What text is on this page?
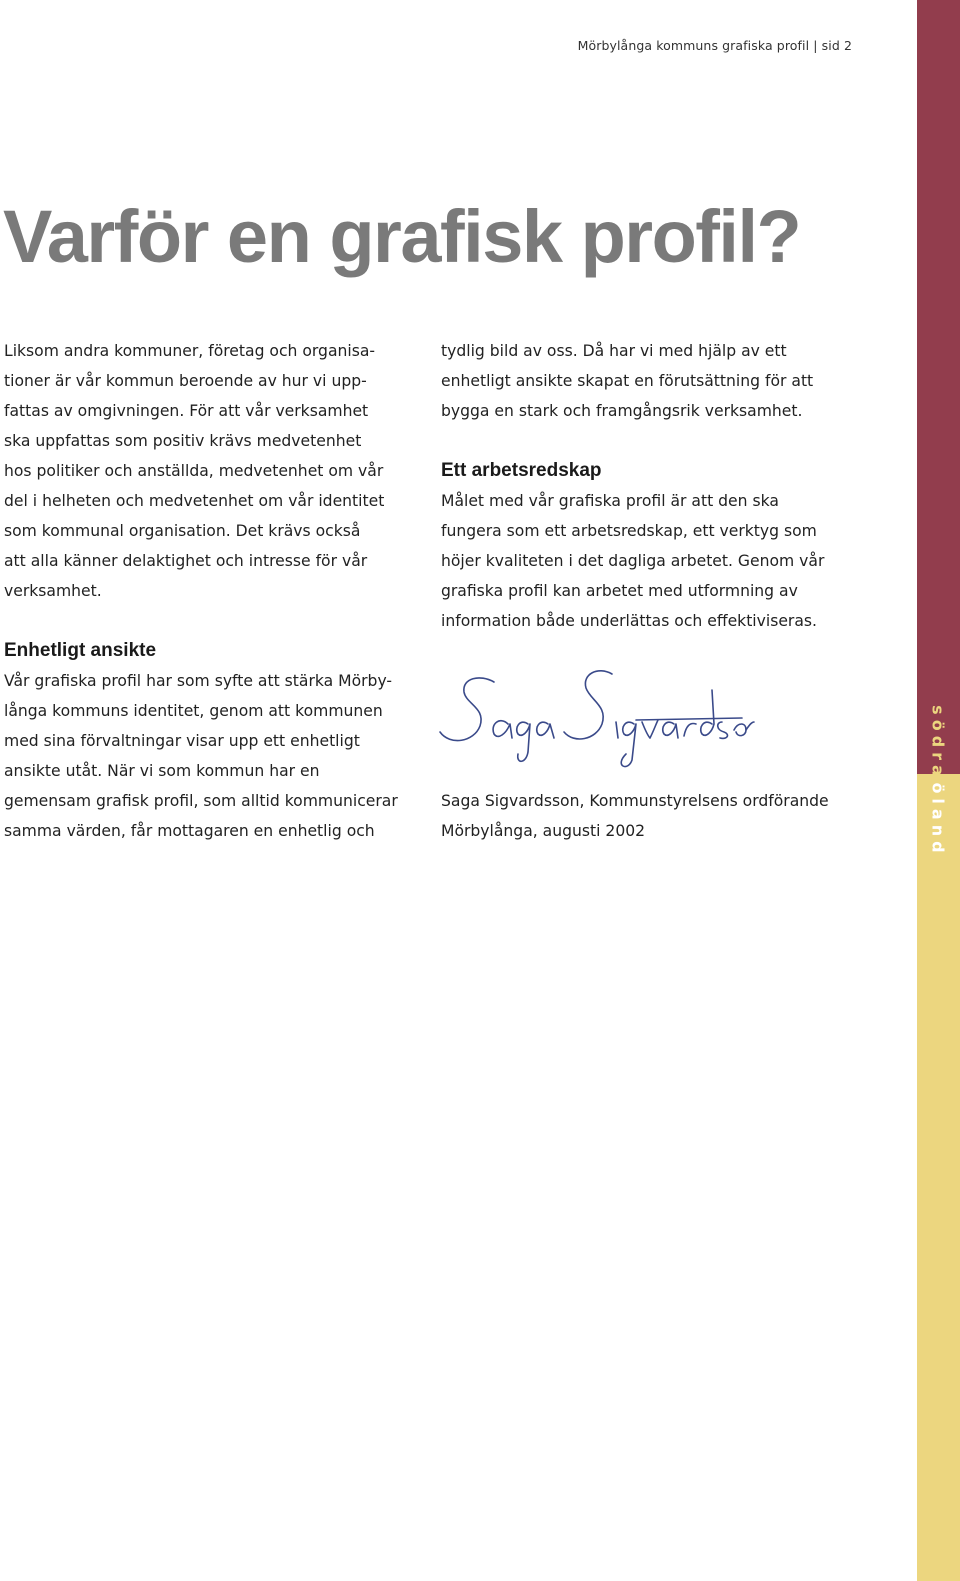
Mörbylånga kommuns grafiska profil | sid 2
Varför en grafisk profil?

Liksom andra kommuner, företag och organisa-

tioner är vår kommun beroende av hur vi upp-

fattas av omgivningen. För att vår verksamhet

ska uppfattas som positiv krävs medvetenhet

hos politiker och anställda, medvetenhet om vår

del i helheten och medvetenhet om vår identitet

som kommunal organisation. Det krävs också

att alla känner delaktighet och intresse för vår

verksamhet.

Enhetligt ansikte

Vår grafiska profil har som syfte att stärka Mörby-

långa kommuns identitet, genom att kommunen

med sina förvaltningar visar upp ett enhetligt

ansikte utåt. När vi som kommun har en

gemensam grafisk profil, som alltid kommunicerar

samma värden, får mottagaren en enhetlig och

tydlig bild av oss. Då har vi med hjälp av ett

enhetligt ansikte skapat en förutsättning för att

bygga en stark och framgångsrik verksamhet.

Ett arbetsredskap

Målet med vår grafiska profil är att den ska

fungera som ett arbetsredskap, ett verktyg som

höjer kvaliteten i det dagliga arbetet. Genom vår

grafiska profil kan arbetet med utformning av

information både underlättas och effektiviseras.

Saga Sigvardsson, Kommunstyrelsens ordförande
Mörbylånga, augusti 2002
södra
öland
